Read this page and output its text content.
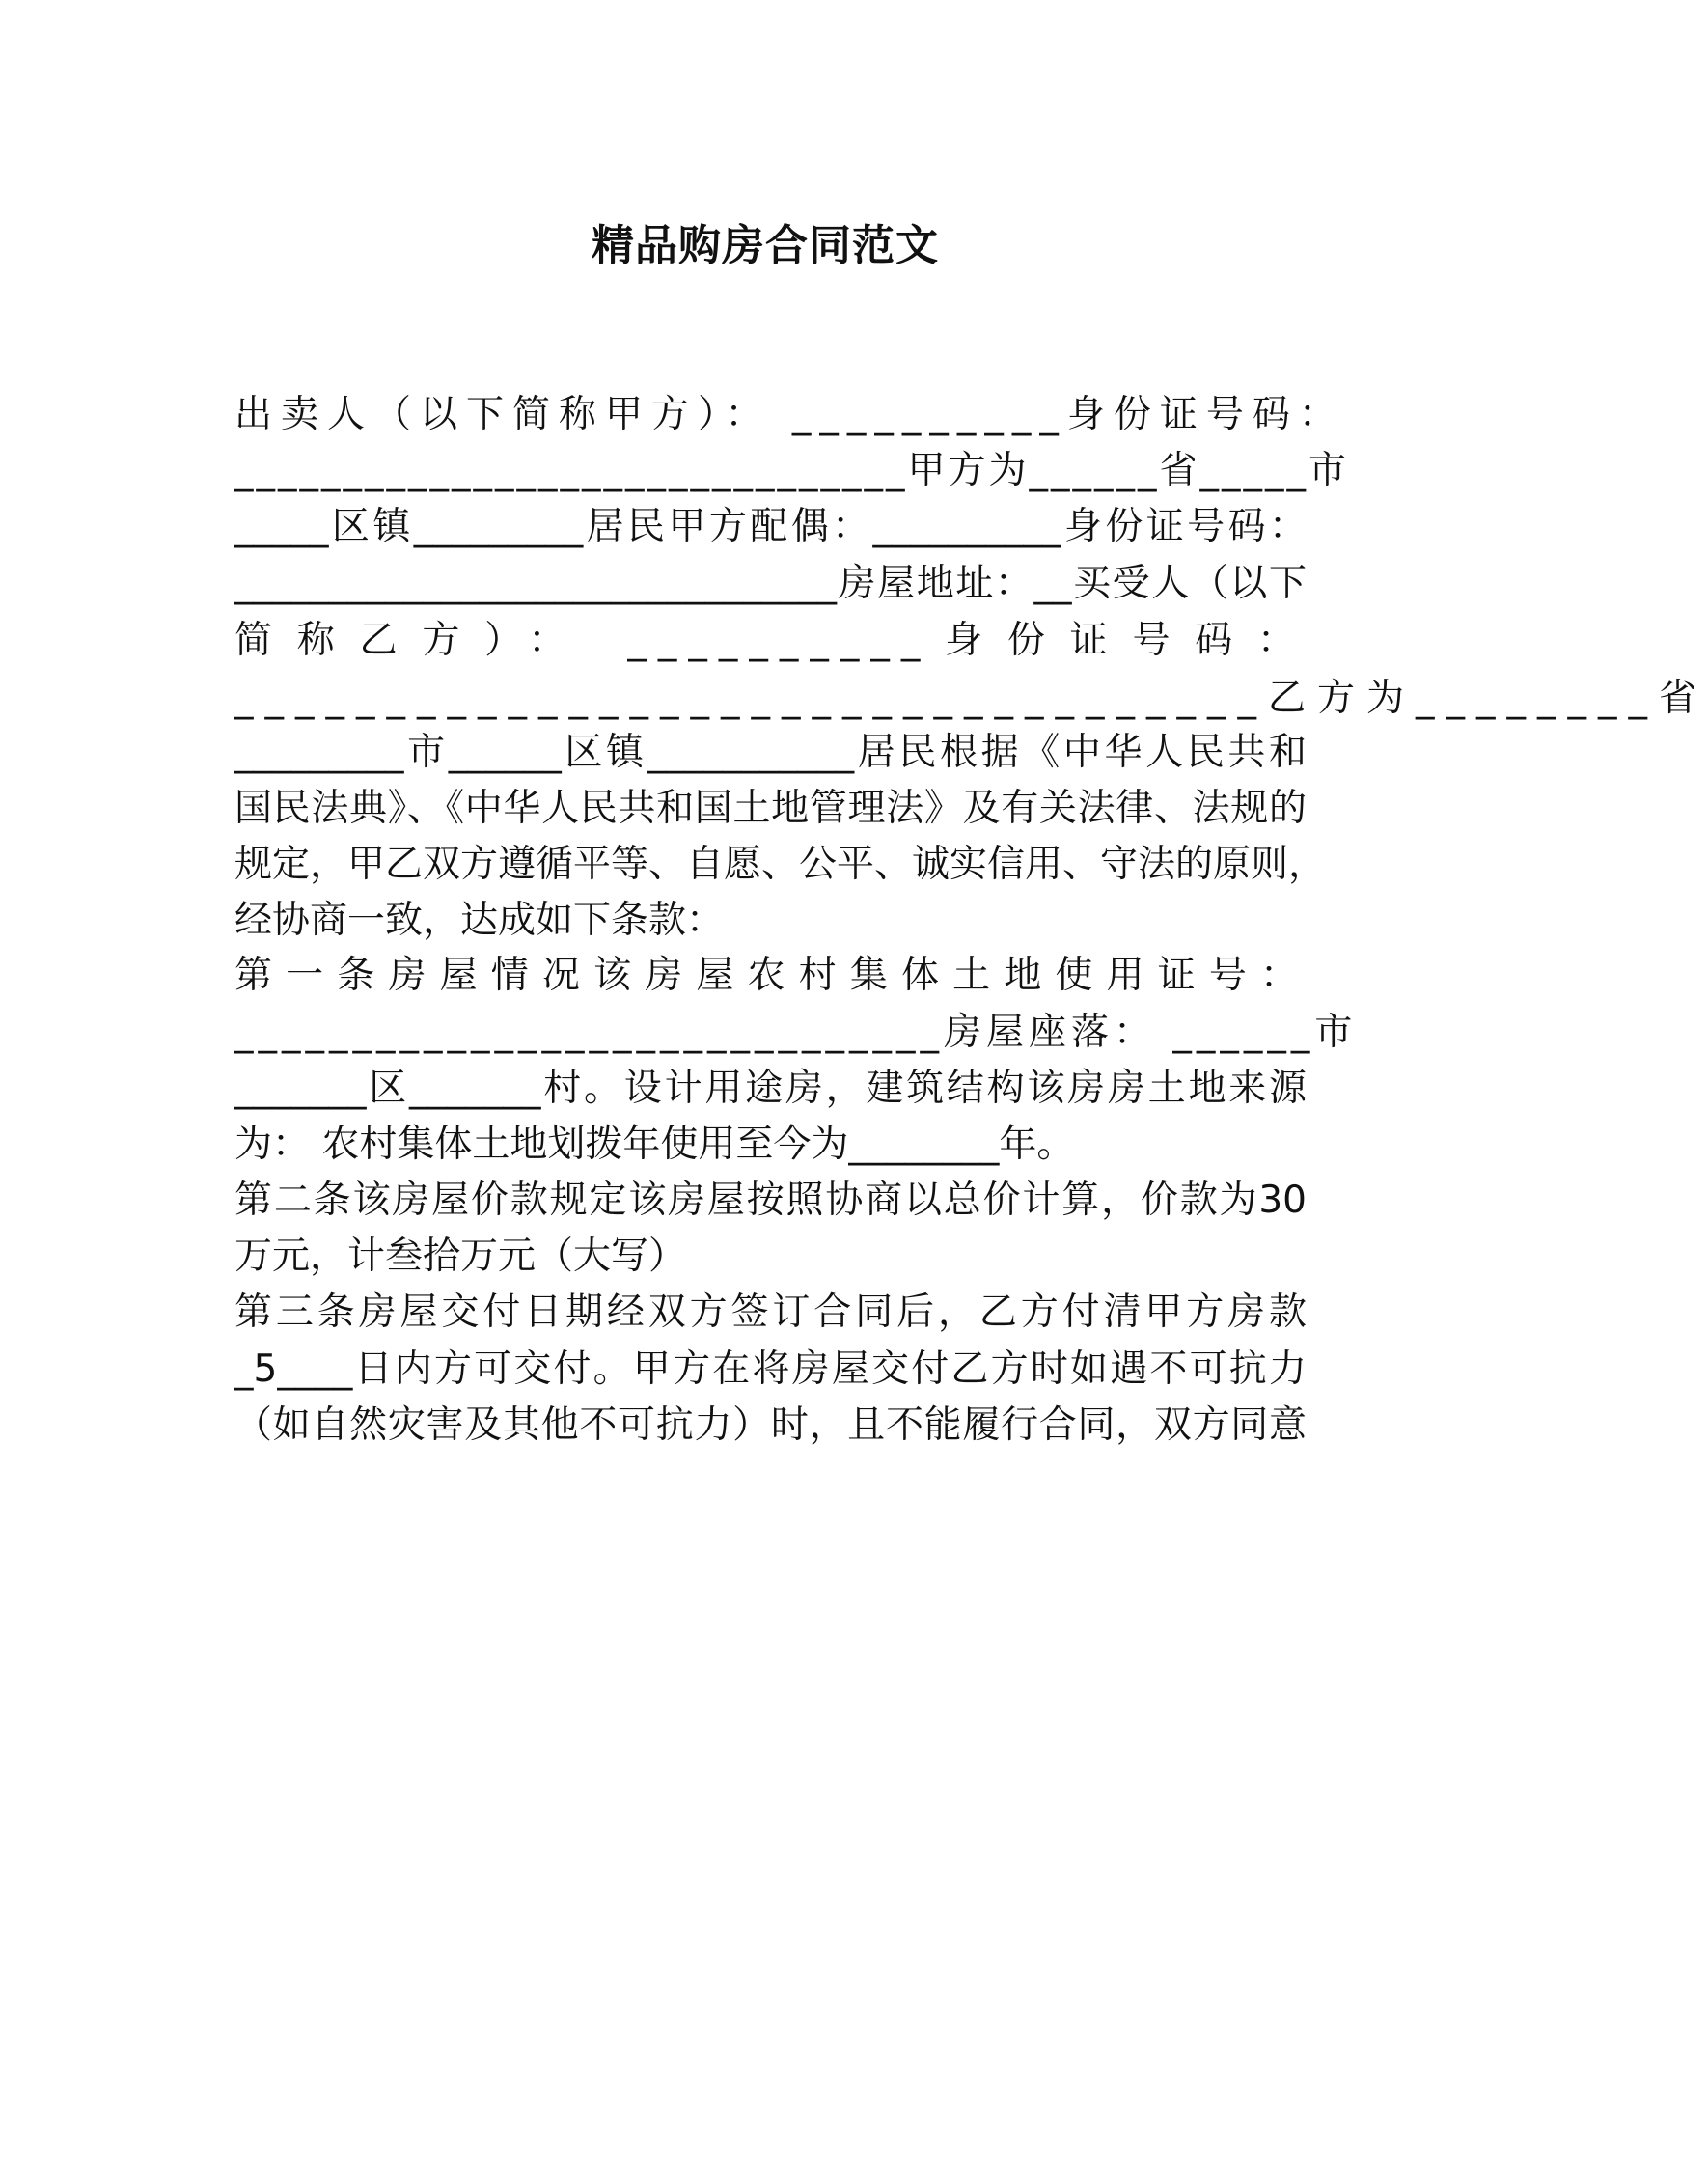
精品购房合同范文
出卖人（以下简称甲方）： __________身份证号码：
_______________________________甲方为______省_____市
_____区镇_________居民甲方配偶：__________身份证号码：
________________________________房屋地址：__买受人（以下
简称乙方）： __________身份证号码：
__________________________________乙方为________省
_________市______区镇___________居民根据《中华人民共和
国民法典》、《中华人民共和国土地管理法》及有关法律、法规的
规定，甲乙双方遵循平等、自愿、公平、诚实信用、守法的原则，
经协商一致，达成如下条款：
第一条房屋情况该房屋农村集体土地使用证号：
______________________________房屋座落： ______市
_______区_______村。设计用途房，建筑结构该房房土地来源
为： 农村集体土地划拨年使用至今为________年。
第二条该房屋价款规定该房屋按照协商以总价计算，价款为30
万元，计叁拾万元（大写）
第三条房屋交付日期经双方签订合同后，乙方付清甲方房款
_5____日内方可交付。甲方在将房屋交付乙方时如遇不可抗力
（如自然灾害及其他不可抗力）时，且不能履行合同，双方同意
